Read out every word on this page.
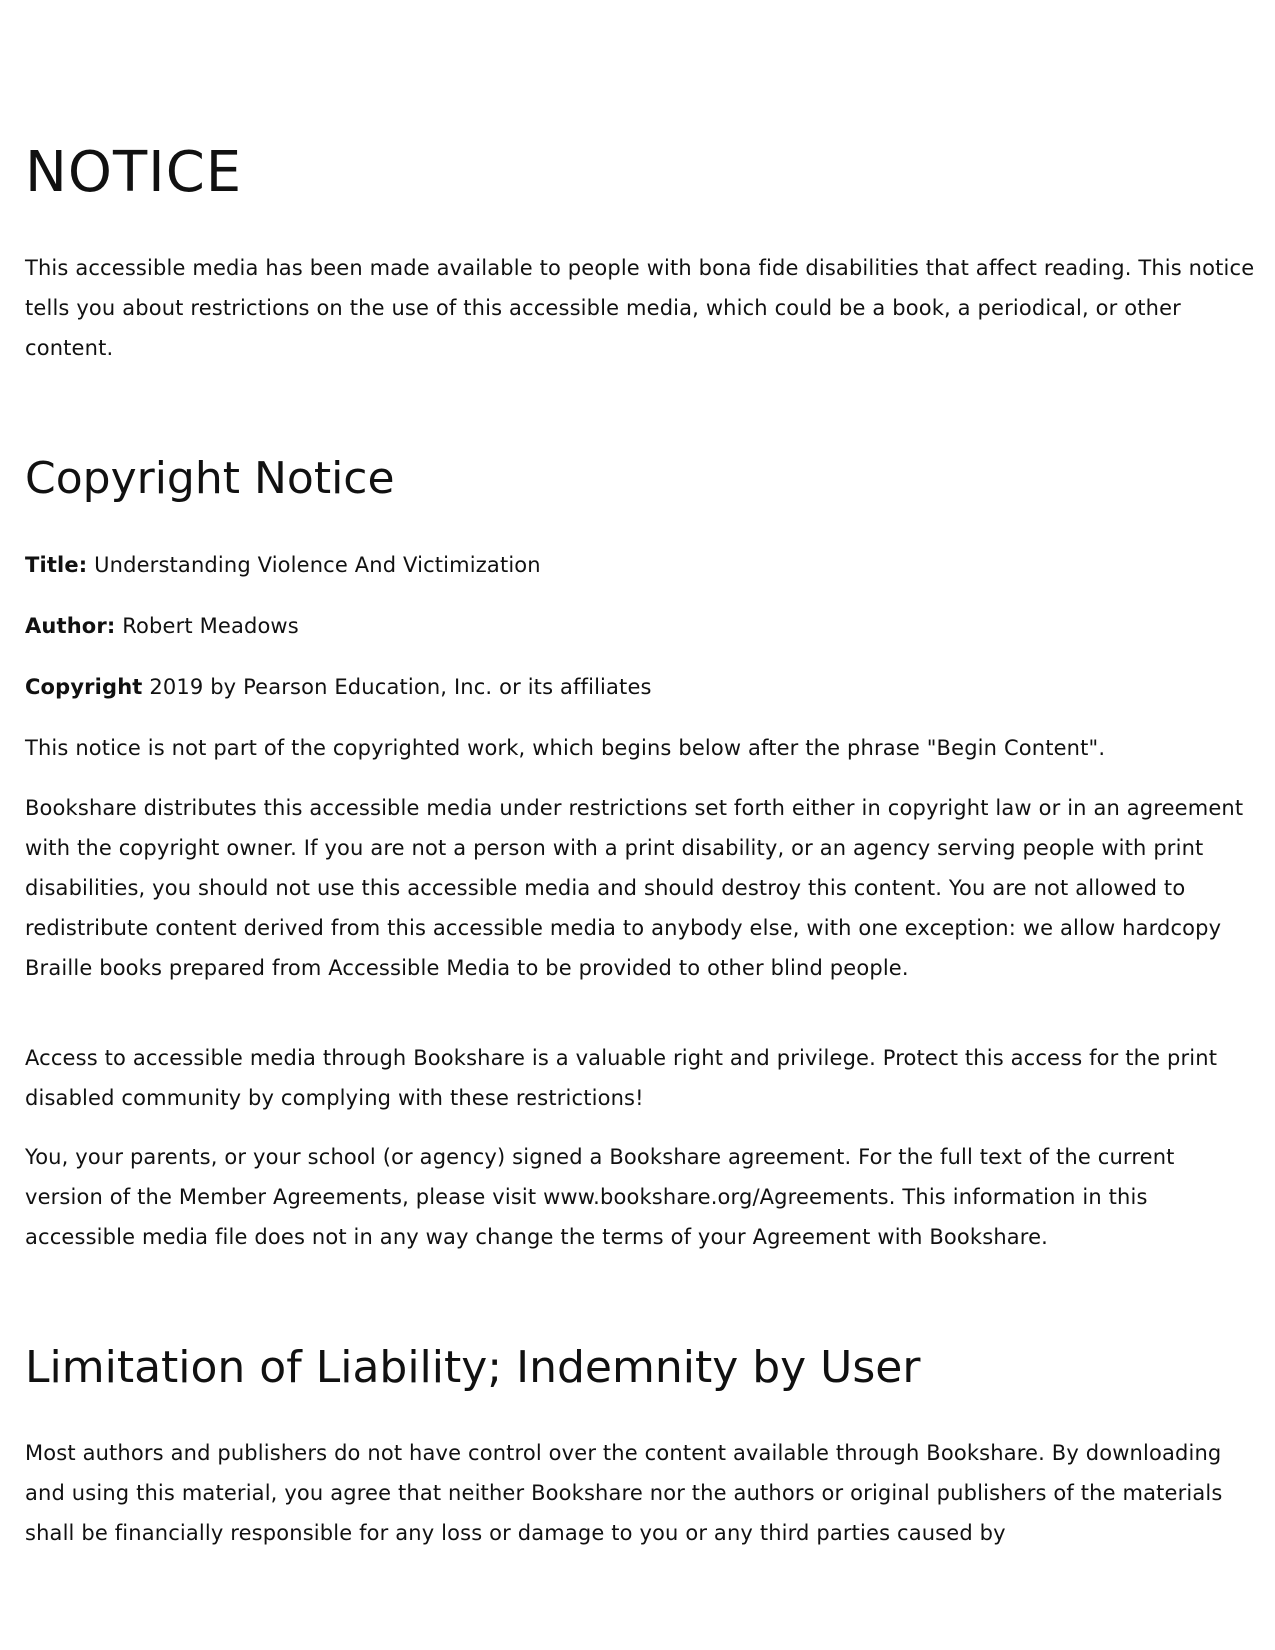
NOTICE

This accessible media has been made available to people with bona fide disabilities that affect reading. This notice tells you about restrictions on the use of this accessible media, which could be a book, a periodical, or other content.

Copyright Notice

Title: Understanding Violence And Victimization

Author: Robert Meadows

Copyright 2019 by Pearson Education, Inc. or its affiliates

This notice is not part of the copyrighted work, which begins below after the phrase "Begin Content".

Bookshare distributes this accessible media under restrictions set forth either in copyright law or in an agreement with the copyright owner. If you are not a person with a print disability, or an agency serving people with print disabilities, you should not use this accessible media and should destroy this content. You are not allowed to redistribute content derived from this accessible media to anybody else, with one exception: we allow hardcopy Braille books prepared from Accessible Media to be provided to other blind people.

Access to accessible media through Bookshare is a valuable right and privilege. Protect this access for the print disabled community by complying with these restrictions!

You, your parents, or your school (or agency) signed a Bookshare agreement. For the full text of the current version of the Member Agreements, please visit www.bookshare.org/Agreements. This information in this accessible media file does not in any way change the terms of your Agreement with Bookshare.

Limitation of Liability; Indemnity by User

Most authors and publishers do not have control over the content available through Bookshare. By downloading and using this material, you agree that neither Bookshare nor the authors or original publishers of the materials shall be financially responsible for any loss or damage to you or any third parties caused by
